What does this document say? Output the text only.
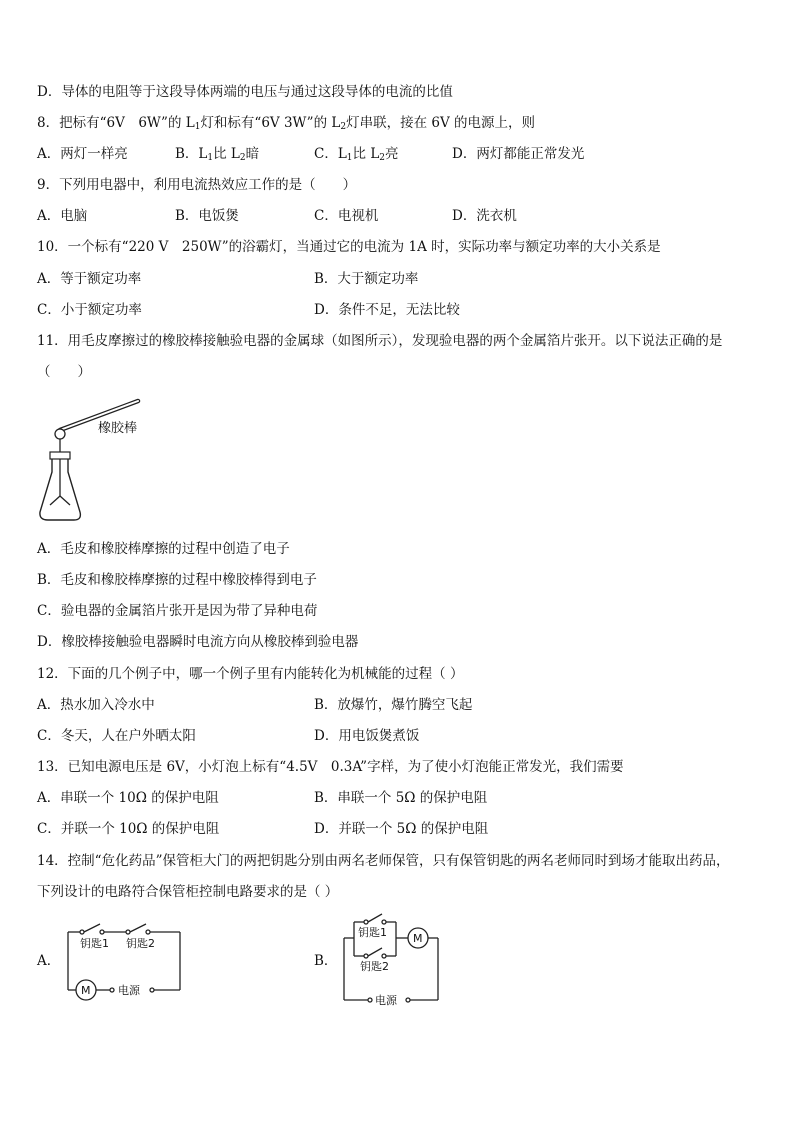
D．导体的电阻等于这段导体两端的电压与通过这段导体的电流的比值
8．把标有“6V　6W”的 $L_1$灯和标有“6V 3W”的 $L_2$灯串联，接在 6V 的电源上，则
A．两灯一样亮	B．$L_1$比 $L_2$暗	C．$L_1$比 $L_2$亮	D．两灯都能正常发光
9．下列用电器中，利用电流热效应工作的是（　　）
A．电脑	B．电饭煲	C．电视机	D．洗衣机
10．一个标有“220 V　250W”的浴霸灯，当通过它的电流为 1A 时，实际功率与额定功率的大小关系是
A．等于额定功率	B．大于额定功率
C．小于额定功率	D．条件不足，无法比较
11．用毛皮摩擦过的橡胶棒接触验电器的金属球（如图所示），发现验电器的两个金属箔片张开。以下说法正确的是
（　　）
橡胶棒
A．毛皮和橡胶棒摩擦的过程中创造了电子
B．毛皮和橡胶棒摩擦的过程中橡胶棒得到电子
C．验电器的金属箔片张开是因为带了异种电荷
D．橡胶棒接触验电器瞬时电流方向从橡胶棒到验电器
12．下面的几个例子中，哪一个例子里有内能转化为机械能的过程（ ）
A．热水加入冷水中	B．放爆竹，爆竹腾空飞起
C．冬天，人在户外晒太阳	D．用电饭煲煮饭
13．已知电源电压是 6V，小灯泡上标有“4.5V　0.3A”字样，为了使小灯泡能正常发光，我们需要
A．串联一个 10Ω 的保护电阻	B．串联一个 5Ω 的保护电阻
C．并联一个 10Ω 的保护电阻	D．并联一个 5Ω 的保护电阻
14．控制“危化药品”保管柜大门的两把钥匙分别由两名老师保管，只有保管钥匙的两名老师同时到场才能取出药品，
下列设计的电路符合保管柜控制电路要求的是（ ）
A．
钥匙1 钥匙2
M	电源
B．
钥匙1
钥匙2
M
电源
